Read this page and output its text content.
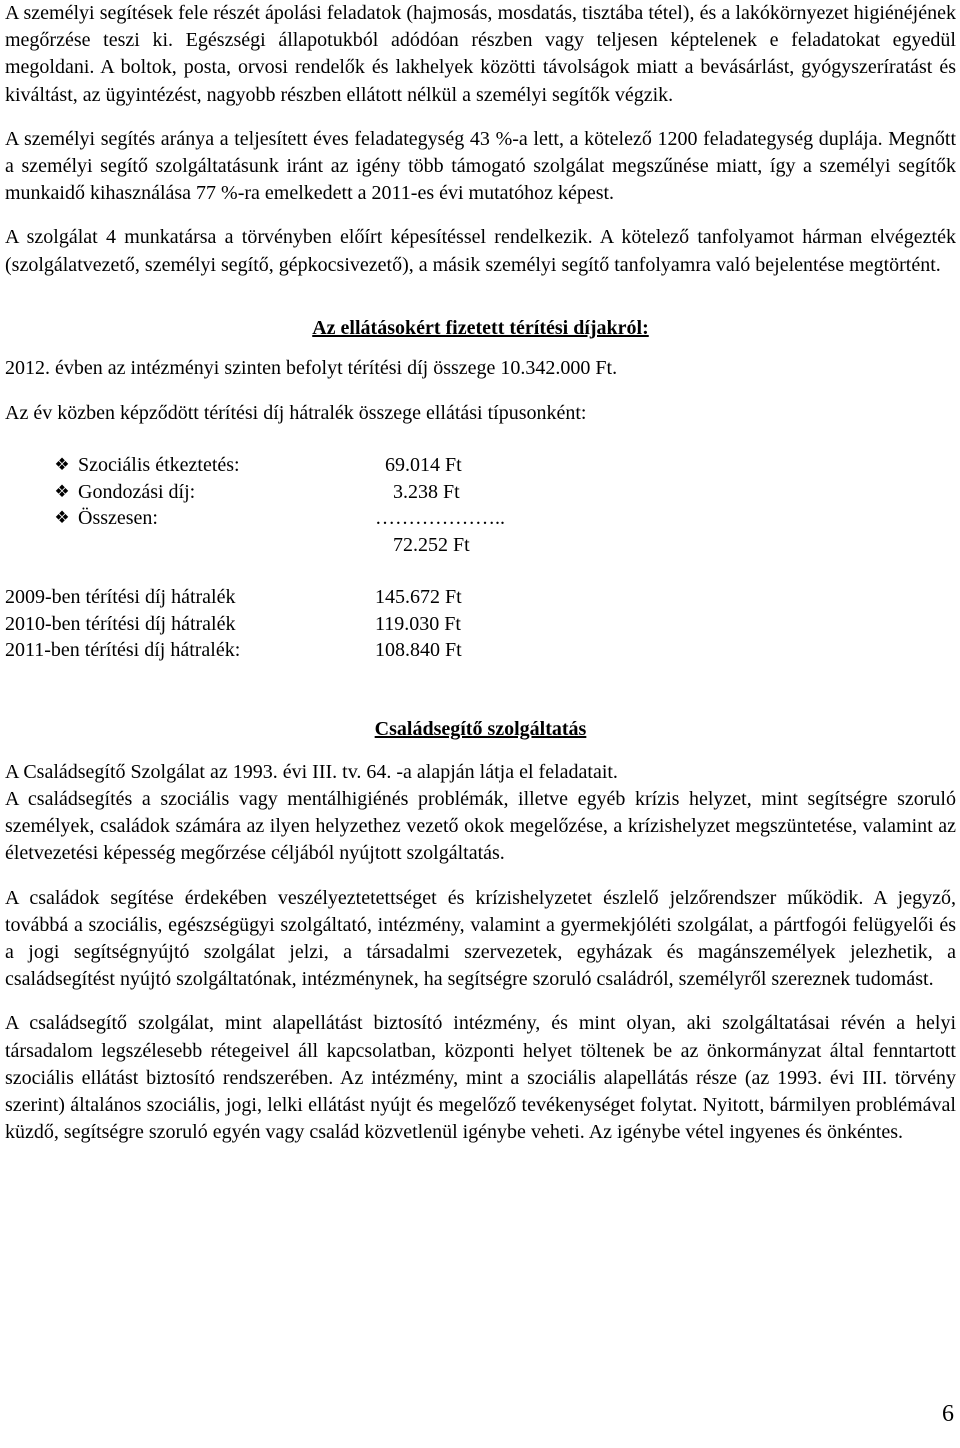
A személyi segítések fele részét ápolási feladatok (hajmosás, mosdatás, tisztába tétel), és a lakókörnyezet higiénéjének megőrzése teszi ki. Egészségi állapotukból adódóan részben vagy teljesen képtelenek e feladatokat egyedül megoldani. A boltok, posta, orvosi rendelők és lakhelyek közötti távolságok miatt a bevásárlást, gyógyszeríratást és kiváltást, az ügyintézést, nagyobb részben ellátott nélkül a személyi segítők végzik.

A személyi segítés aránya a teljesített éves feladategység 43 %-a lett, a kötelező 1200 feladategység duplája. Megnőtt a személyi segítő szolgáltatásunk iránt az igény több támogató szolgálat megszűnése miatt, így a személyi segítők munkaidő kihasználása 77 %-ra emelkedett a 2011-es évi mutatóhoz képest.

A szolgálat 4 munkatársa a törvényben előírt képesítéssel rendelkezik. A kötelező tanfolyamot hárman elvégezték (szolgálatvezető, személyi segítő, gépkocsivezető), a másik személyi segítő tanfolyamra való bejelentése megtörtént.

Az ellátásokért fizetett térítési díjakról:

2012. évben az intézményi szinten befolyt térítési díj összege 10.342.000 Ft.

Az év közben képződött térítési díj hátralék összege ellátási típusonként:

❖ Szociális étkeztetés:	69.014 Ft
❖ Gondozási díj:	3.238 Ft
❖ Összesen:	………………..
72.252 Ft
2009-ben térítési díj hátralék	145.672 Ft
2010-ben térítési díj hátralék	119.030 Ft
2011-ben térítési díj hátralék:	108.840 Ft

Családsegítő szolgáltatás

A Családsegítő Szolgálat az 1993. évi III. tv. 64. -a alapján látja el feladatait.

A családsegítés a szociális vagy mentálhigiénés problémák, illetve egyéb krízis helyzet, mint segítségre szoruló személyek, családok számára az ilyen helyzethez vezető okok megelőzése, a krízishelyzet megszüntetése, valamint az életvezetési képesség megőrzése céljából nyújtott szolgáltatás.

A családok segítése érdekében veszélyeztetettséget és krízishelyzetet észlelő jelzőrendszer működik. A jegyző, továbbá a szociális, egészségügyi szolgáltató, intézmény, valamint a gyermekjóléti szolgálat, a pártfogói felügyelői és a jogi segítségnyújtó szolgálat jelzi, a társadalmi szervezetek, egyházak és magánszemélyek jelezhetik, a családsegítést nyújtó szolgáltatónak, intézménynek, ha segítségre szoruló családról, személyről szereznek tudomást.

A családsegítő szolgálat, mint alapellátást biztosító intézmény, és mint olyan, aki szolgáltatásai révén a helyi társadalom legszélesebb rétegeivel áll kapcsolatban, központi helyet töltenek be az önkormányzat által fenntartott szociális ellátást biztosító rendszerében. Az intézmény, mint a szociális alapellátás része (az 1993. évi III. törvény szerint) általános szociális, jogi, lelki ellátást nyújt és megelőző tevékenységet folytat. Nyitott, bármilyen problémával küzdő, segítségre szoruló egyén vagy család közvetlenül igénybe veheti. Az igénybe vétel ingyenes és önkéntes.

6
